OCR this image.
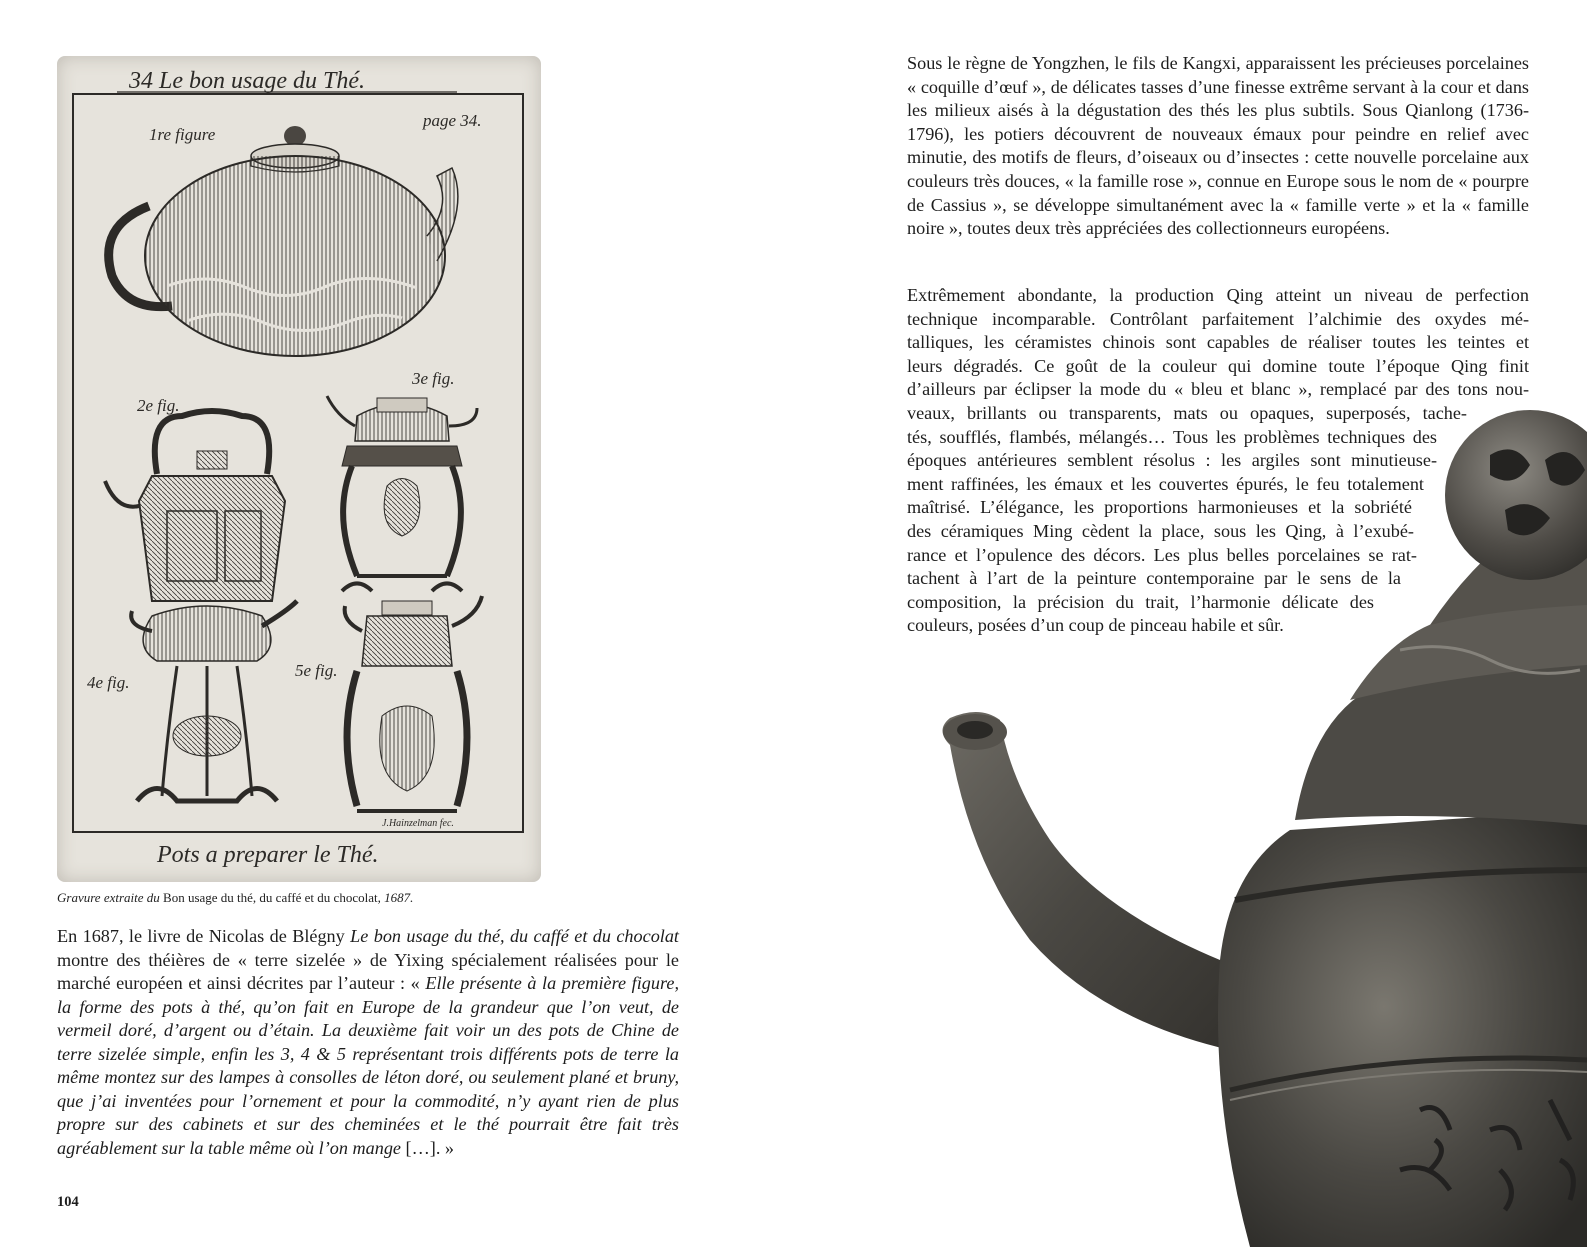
34 Le bon usage du Thé.
1re figure
page 34.
2e fig.
3e fig.
4e fig.
5e fig.
J.Hainzelman fec.
Pots a preparer le Thé.
Gravure extraite du Bon usage du thé, du caffé et du chocolat, 1687.

En 1687, le livre de Nicolas de Blégny Le bon usage du thé, du caffé et du chocolat montre des théières de « terre sizelée » de Yixing spécialement réalisées pour le marché européen et ainsi décrites par l’auteur : « Elle présente à la première figure, la forme des pots à thé, qu’on fait en Europe de la grandeur que l’on veut, de vermeil doré, d’argent ou d’étain. La deuxième fait voir un des pots de Chine de terre sizelée simple, enfin les 3, 4 & 5 représentant trois différents pots de terre la même montez sur des lampes à consolles de léton doré, ou seulement plané et bruny, que j’ai inventées pour l’ornement et pour la commodité, n’y ayant rien de plus propre sur des cabinets et sur des cheminées et le thé pourrait être fait très agréablement sur la table même où l’on mange […]. »

104

Sous le règne de Yongzhen, le fils de Kangxi, apparaissent les précieuses porcelaines « coquille d’œuf », de délicates tasses d’une finesse extrême servant à la cour et dans les milieux aisés à la dégustation des thés les plus subtils. Sous Qianlong (1736-1796), les potiers découvrent de nouveaux émaux pour peindre en relief avec minutie, des motifs de fleurs, d’oiseaux ou d’insectes : cette nouvelle porcelaine aux couleurs très douces, « la famille rose », connue en Europe sous le nom de « pourpre de Cassius », se développe simultanément avec la « famille verte » et la « famille noire », toutes deux très appréciées des collectionneurs européens.

Extrêmement abondante, la production Qing atteint un niveau de perfection
technique incomparable. Contrôlant parfaitement l’alchimie des oxydes mé-
talliques, les céramistes chinois sont capables de réaliser toutes les teintes et
leurs dégradés. Ce goût de la couleur qui domine toute l’époque Qing finit
d’ailleurs par éclipser la mode du « bleu et blanc », remplacé par des tons nou-
veaux, brillants ou transparents, mats ou opaques, superposés, tache-
tés, soufflés, flambés, mélangés… Tous les problèmes techniques des
époques antérieures semblent résolus : les argiles sont minutieuse-
ment raffinées, les émaux et les couvertes épurés, le feu totalement
maîtrisé. L’élégance, les proportions harmonieuses et la sobriété
des céramiques Ming cèdent la place, sous les Qing, à l’exubé-
rance et l’opulence des décors. Les plus belles porcelaines se rat-
tachent à l’art de la peinture contemporaine par le sens de la
composition, la précision du trait, l’harmonie délicate des
couleurs, posées d’un coup de pinceau habile et sûr.
